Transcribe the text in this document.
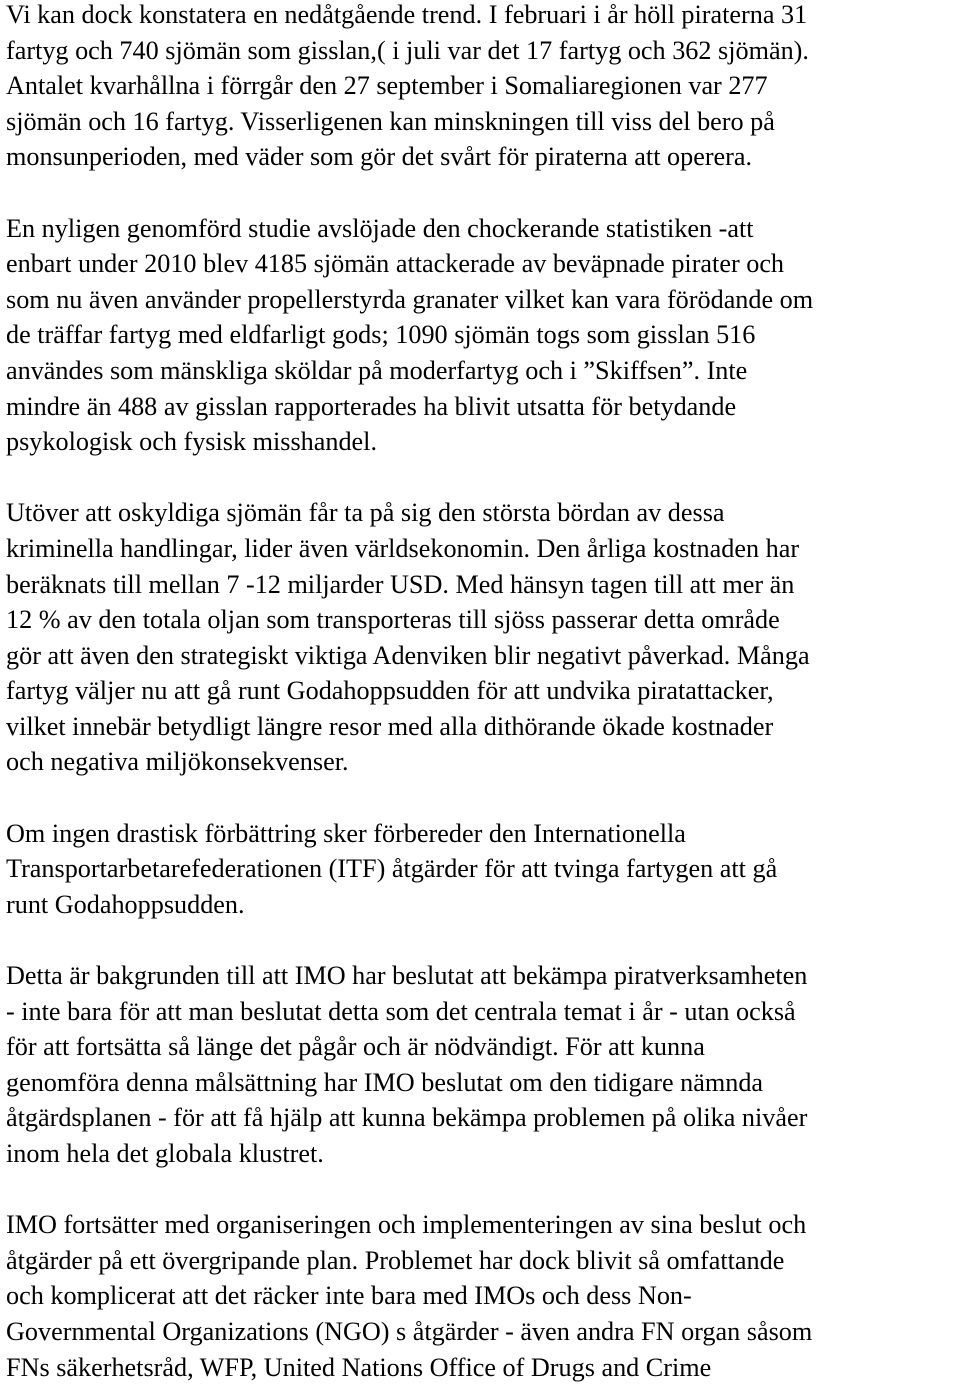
Vi kan dock konstatera en nedåtgående trend. I februari i år höll piraterna 31
fartyg och 740 sjömän som gisslan,( i juli var det 17 fartyg och 362 sjömän).
Antalet kvarhållna i förrgår den 27 september i Somaliaregionen var 277
sjömän och 16 fartyg. Visserligenen kan minskningen till viss del bero på
monsunperioden, med väder som gör det svårt för piraterna att operera.
En nyligen genomförd studie avslöjade den chockerande statistiken -att
enbart under 2010 blev 4185 sjömän attackerade av beväpnade pirater och
som nu även använder propellerstyrda granater vilket kan vara förödande om
de träffar fartyg med eldfarligt gods; 1090 sjömän togs som gisslan 516
användes som mänskliga sköldar på moderfartyg och i ”Skiffsen”. Inte
mindre än 488 av gisslan rapporterades ha blivit utsatta för betydande
psykologisk och fysisk misshandel.
Utöver att oskyldiga sjömän får ta på sig den största bördan av dessa
kriminella handlingar, lider även världsekonomin. Den årliga kostnaden har
beräknats till mellan 7 -12 miljarder USD. Med hänsyn tagen till att mer än
12 % av den totala oljan som transporteras till sjöss passerar detta område
gör att även den strategiskt viktiga Adenviken blir negativt påverkad. Många
fartyg väljer nu att gå runt Godahoppsudden för att undvika piratattacker,
vilket innebär betydligt längre resor med alla dithörande ökade kostnader
och negativa miljökonsekvenser.
Om ingen drastisk förbättring sker förbereder den Internationella
Transportarbetarefederationen (ITF) åtgärder för att tvinga fartygen att gå
runt Godahoppsudden.
Detta är bakgrunden till att IMO har beslutat att bekämpa piratverksamheten
- inte bara för att man beslutat detta som det centrala temat i år - utan också
för att fortsätta så länge det pågår och är nödvändigt. För att kunna
genomföra denna målsättning har IMO beslutat om den tidigare nämnda
åtgärdsplanen - för att få hjälp att kunna bekämpa problemen på olika nivåer
inom hela det globala klustret.
IMO fortsätter med organiseringen och implementeringen av sina beslut och
åtgärder på ett övergripande plan. Problemet har dock blivit så omfattande
och komplicerat att det räcker inte bara med IMOs och dess Non-
Governmental Organizations (NGO) s åtgärder - även andra FN organ såsom
FNs säkerhetsråd, WFP, United Nations Office of Drugs and Crime
